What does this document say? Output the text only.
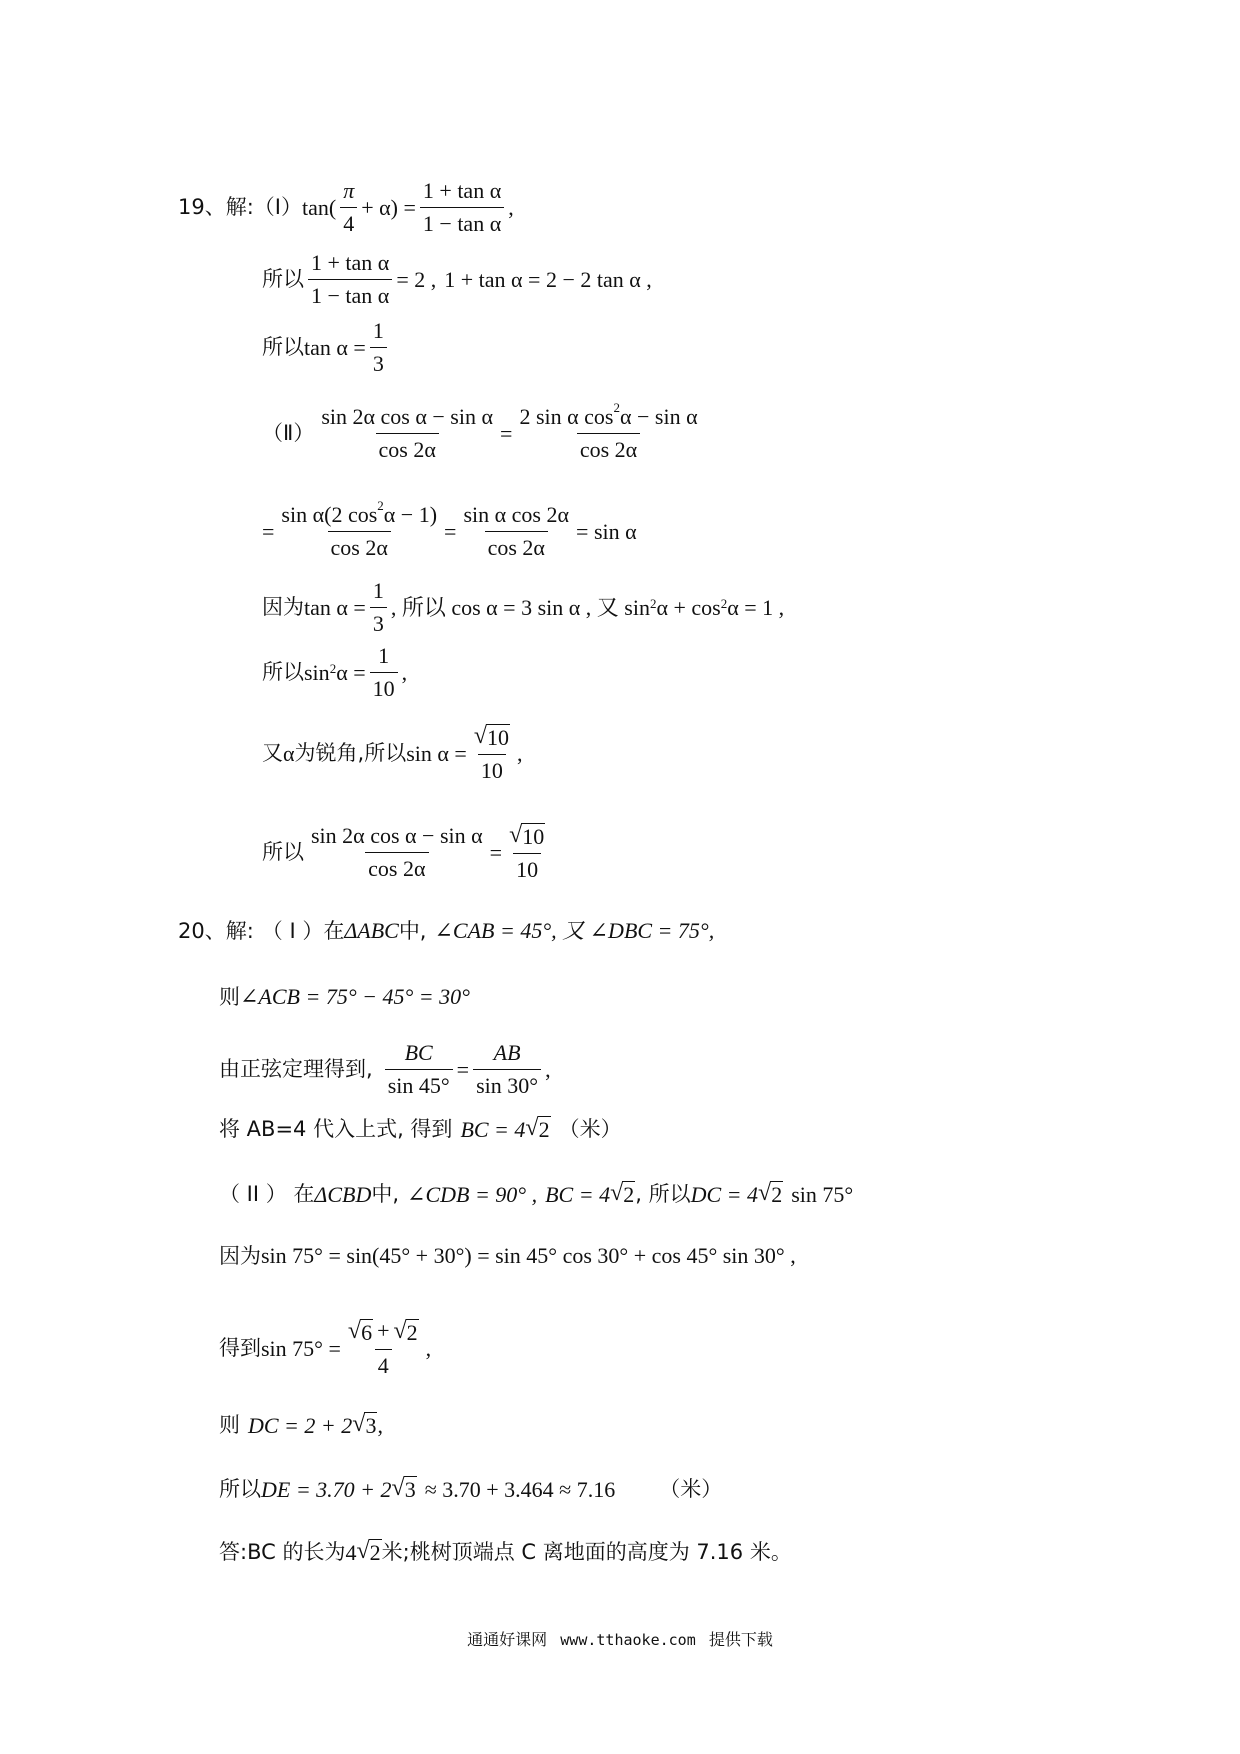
19、解: （Ⅰ） $\tan( \frac{\pi}{4} + \alpha) = \frac{\text{1 + tan α}}{\text{1 − tan α}}$ ,
所以 $\frac{\text{1 + tan α}}{\text{1 − tan α}} = 2$ , 1 + tan α = 2 − 2 tan α ,
所以 $\tan \alpha = \frac{1}{3}$
（Ⅱ） $\frac{\text{sin 2α cos α − sin α}}{\cos 2\alpha} = \frac{2 \sin \alpha \cos^2\alpha - \sin \alpha}{\cos 2\alpha}$
= $\frac{\sin \alpha(2 \cos^2\alpha - 1)}{\cos 2\alpha} = \frac{\text{sin α cos 2α}}{\cos 2\alpha} = \sin \alpha$
因为 $\tan \alpha = \frac{1}{3}$ , 所以 cos α = 3 sin α , 又 $\sin^2 \alpha + \cos^2 \alpha = 1$ ,
所以 $\sin^2 \alpha = \frac{1}{10}$ ,
又 α 为锐角, 所以 $\sin \alpha = \frac{√ 10}{10}$ ,
所以 $\frac{\text{sin 2α cos α − sin α}}{\cos 2\alpha} = \frac{√ 10}{10}$
20、解: （ Ⅰ ）在 ΔABC 中, ∠CAB = 45°, 又 ∠DBC = 75°,
则 ∠ACB = 75° − 45° = 30°
由正弦定理得到, $\frac{BC}{\sin 45^\circ} = \frac{AB}{\sin 30^\circ}$ ,
将 AB=4 代入上式, 得到 BC = 4 √ 2 （米）
（ II ） 在 ΔCBD 中, ∠CDB = 90° , BC = 4 √ 2 , 所以 DC = 4 √ 2 sin 75°
因为 sin 75° = sin(45° + 30°) = sin 45° cos 30° + cos 45° sin 30° ,
得到 $\sin 75^\circ = \frac{√ 6 + √ 2}{4}$ ,
则 DC = 2 + 2 √ 3 ,
所以 DE = 3.70 + 2 √ 3 ≈ 3.70 + 3.464 ≈ 7.16 （米）
答:BC 的长为 4 √ 2 米;桃树顶端点 C 离地面的高度为 7.16 米。
通通好课网 www.tthaoke.com 提供下载
